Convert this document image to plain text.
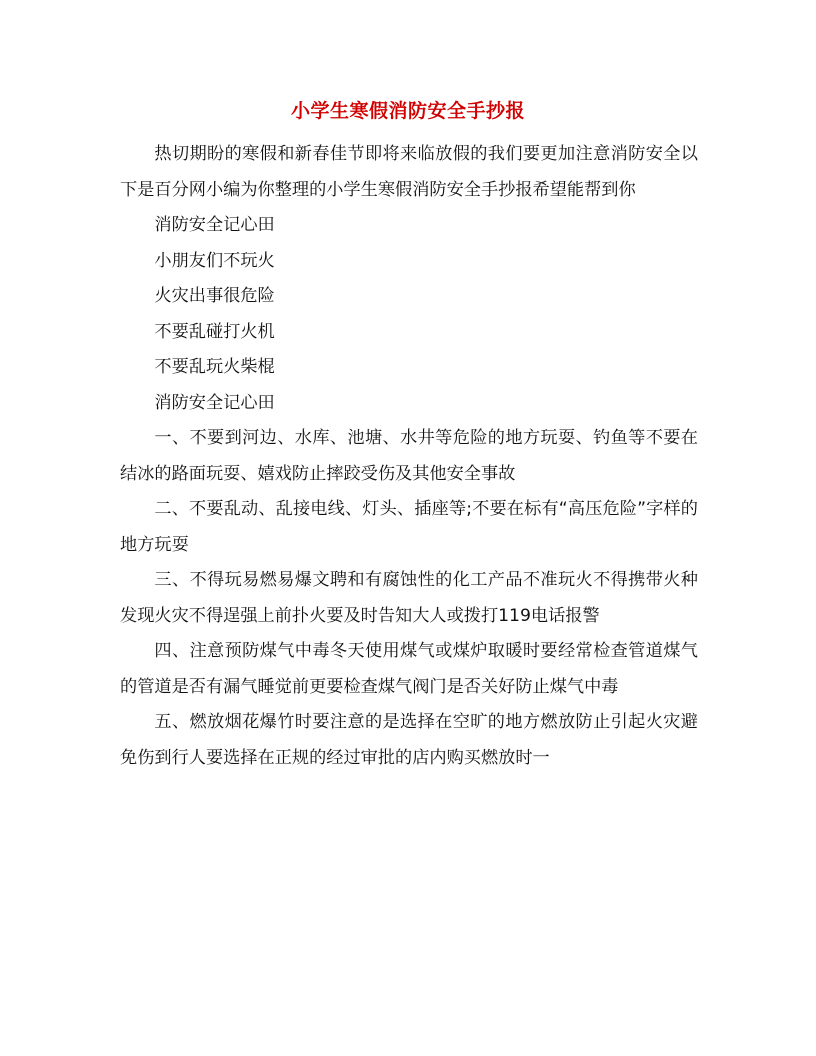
小学生寒假消防安全手抄报

热切期盼的寒假和新春佳节即将来临放假的我们要更加注意消防安全以下是百分网小编为你整理的小学生寒假消防安全手抄报希望能帮到你

消防安全记心田

小朋友们不玩火

火灾出事很危险

不要乱碰打火机

不要乱玩火柴棍

消防安全记心田

一、不要到河边、水库、池塘、水井等危险的地方玩耍、钓鱼等不要在结冰的路面玩耍、嬉戏防止摔跤受伤及其他安全事故

二、不要乱动、乱接电线、灯头、插座等;不要在标有“高压危险”字样的地方玩耍

三、不得玩易燃易爆文聘和有腐蚀性的化工产品不准玩火不得携带火种发现火灾不得逞强上前扑火要及时告知大人或拨打119电话报警

四、注意预防煤气中毒冬天使用煤气或煤炉取暖时要经常检查管道煤气的管道是否有漏气睡觉前更要检查煤气阀门是否关好防止煤气中毒

五、燃放烟花爆竹时要注意的是选择在空旷的地方燃放防止引起火灾避免伤到行人要选择在正规的经过审批的店内购买燃放时一
